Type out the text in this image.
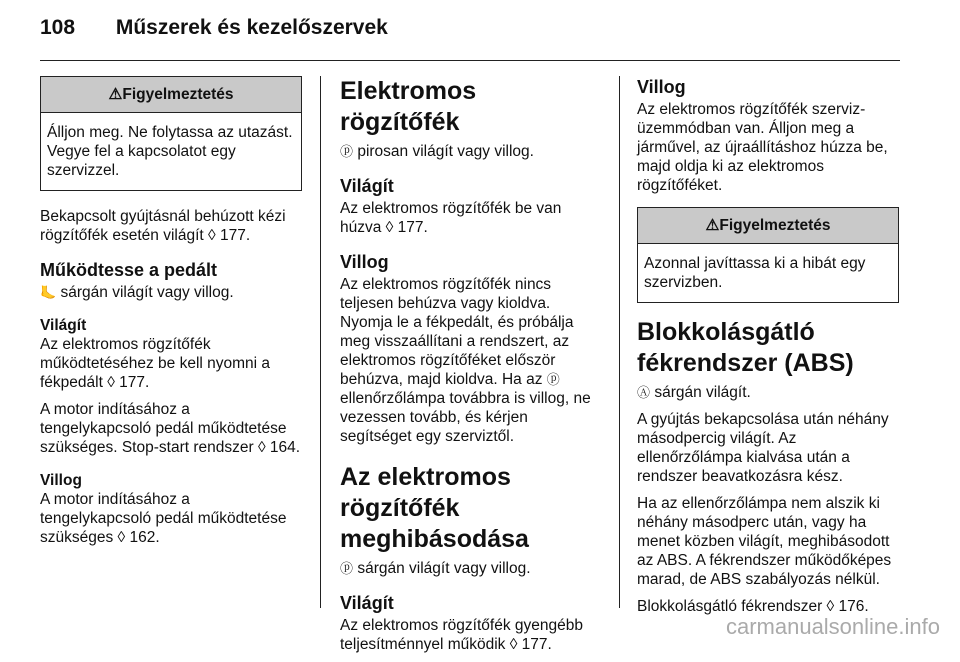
108 Műszerek és kezelőszervek
⚠Figyelmeztetés
Álljon meg. Ne folytassa az utazást. Vegye fel a kapcsolatot egy szervizzel.

Bekapcsolt gyújtásnál behúzott kézi rögzítőfék esetén világít ◊ 177.

Működtesse a pedált

🦶 sárgán világít vagy villog.

Világít

Az elektromos rögzítőfék működtetéséhez be kell nyomni a fékpedált ◊ 177.

A motor indításához a tengelykapcsoló pedál működtetése szükséges. Stop-start rendszer ◊ 164.

Villog

A motor indításához a tengelykapcsoló pedál működtetése szükséges ◊ 162.

Elektromos rögzítőfék

ⓟ pirosan világít vagy villog.

Világít

Az elektromos rögzítőfék be van húzva ◊ 177.

Villog

Az elektromos rögzítőfék nincs teljesen behúzva vagy kioldva. Nyomja le a fékpedált, és próbálja meg visszaállítani a rendszert, az elektromos rögzítőféket először behúzva, majd kioldva. Ha az ⓟ ellenőrzőlámpa továbbra is villog, ne vezessen tovább, és kérjen segítséget egy szerviztől.

Az elektromos rögzítőfék meghibásodása

ⓟ sárgán világít vagy villog.

Világít

Az elektromos rögzítőfék gyengébb teljesítménnyel működik ◊ 177.

Villog

Az elektromos rögzítőfék szerviz-üzemmódban van. Álljon meg a járművel, az újraállításhoz húzza be, majd oldja ki az elektromos rögzítőféket.

⚠Figyelmeztetés
Azonnal javíttassa ki a hibát egy szervizben.
Blokkolásgátló fékrendszer (ABS)

Ⓐ sárgán világít.

A gyújtás bekapcsolása után néhány másodpercig világít. Az ellenőrzőlámpa kialvása után a rendszer beavatkozásra kész.

Ha az ellenőrzőlámpa nem alszik ki néhány másodperc után, vagy ha menet közben világít, meghibásodott az ABS. A fékrendszer működőképes marad, de ABS szabályozás nélkül.

Blokkolásgátló fékrendszer ◊ 176.

carmanualsonline.info
